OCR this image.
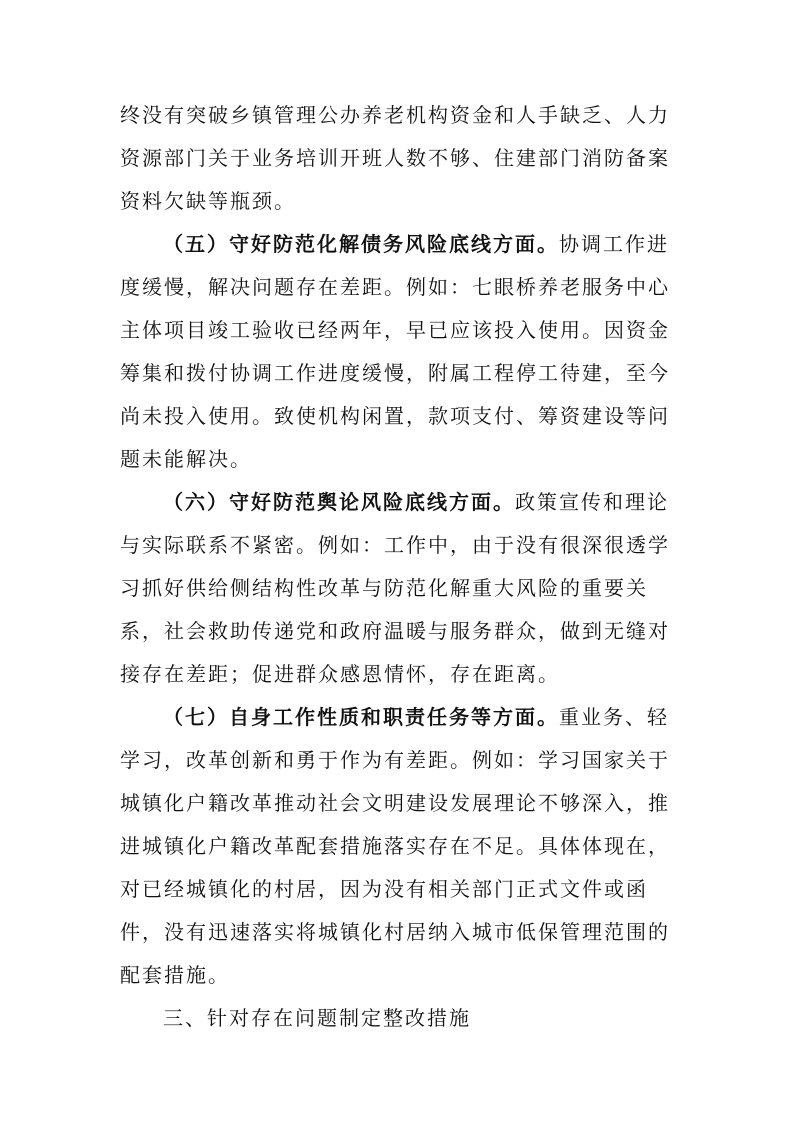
终没有突破乡镇管理公办养老机构资金和人手缺乏、人力
资源部门关于业务培训开班人数不够、住建部门消防备案
资料欠缺等瓶颈。
（五）守好防范化解债务风险底线方面。协调工作进
度缓慢，解决问题存在差距。例如：七眼桥养老服务中心
主体项目竣工验收已经两年，早已应该投入使用。因资金
筹集和拨付协调工作进度缓慢，附属工程停工待建，至今
尚未投入使用。致使机构闲置，款项支付、筹资建设等问
题未能解决。
（六）守好防范舆论风险底线方面。政策宣传和理论
与实际联系不紧密。例如：工作中，由于没有很深很透学
习抓好供给侧结构性改革与防范化解重大风险的重要关
系，社会救助传递党和政府温暖与服务群众，做到无缝对
接存在差距；促进群众感恩情怀，存在距离。
（七）自身工作性质和职责任务等方面。重业务、轻
学习，改革创新和勇于作为有差距。例如：学习国家关于
城镇化户籍改革推动社会文明建设发展理论不够深入，推
进城镇化户籍改革配套措施落实存在不足。具体体现在，
对已经城镇化的村居，因为没有相关部门正式文件或函
件，没有迅速落实将城镇化村居纳入城市低保管理范围的
配套措施。
三、针对存在问题制定整改措施
